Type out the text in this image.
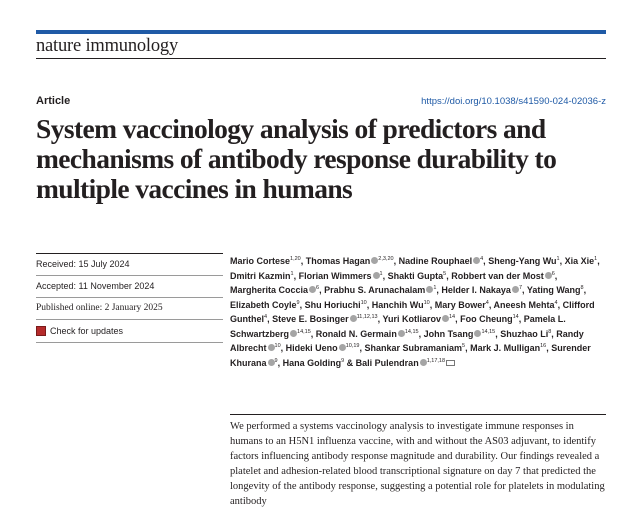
nature immunology
Article	https://doi.org/10.1038/s41590-024-02036-z
System vaccinology analysis of predictors and mechanisms of antibody response durability to multiple vaccines in humans
Received: 15 July 2024
Accepted: 11 November 2024
Published online: 2 January 2025
Check for updates

Mario Cortese$^{1,20}$, Thomas Hagan $^{2,3,20}$, Nadine Rouphael $^4$, Sheng-Yang Wu$^1$, Xia Xie$^1$, Dmitri Kazmin$^1$, Florian Wimmers $^1$, Shakti Gupta$^5$, Robbert van der Most $^6$, Margherita Coccia $^6$, Prabhu S. Arunachalam $^1$, Helder I. Nakaya $^7$, Yating Wang$^8$, Elizabeth Coyle$^9$, Shu Horiuchi$^{10}$, Hanchih Wu$^{10}$, Mary Bower$^4$, Aneesh Mehta$^4$, Clifford Gunthel$^4$, Steve E. Bosinger $^{11,12,13}$, Yuri Kotliarov $^{14}$, Foo Cheung$^{14}$, Pamela L. Schwartzberg $^{14,15}$, Ronald N. Germain $^{14,15}$, John Tsang $^{14,15}$, Shuzhao Li$^8$, Randy Albrecht $^{10}$, Hideki Ueno $^{10,19}$, Shankar Subramaniam$^5$, Mark J. Mulligan$^{16}$, Surender Khurana $^9$, Hana Golding$^9$ & Bali Pulendran $^{1,17,18}$

We performed a systems vaccinology analysis to investigate immune responses in humans to an H5N1 influenza vaccine, with and without the AS03 adjuvant, to identify factors influencing antibody response magnitude and durability. Our findings revealed a platelet and adhesion-related blood transcriptional signature on day 7 that predicted the longevity of the antibody response, suggesting a potential role for platelets in modulating antibody
